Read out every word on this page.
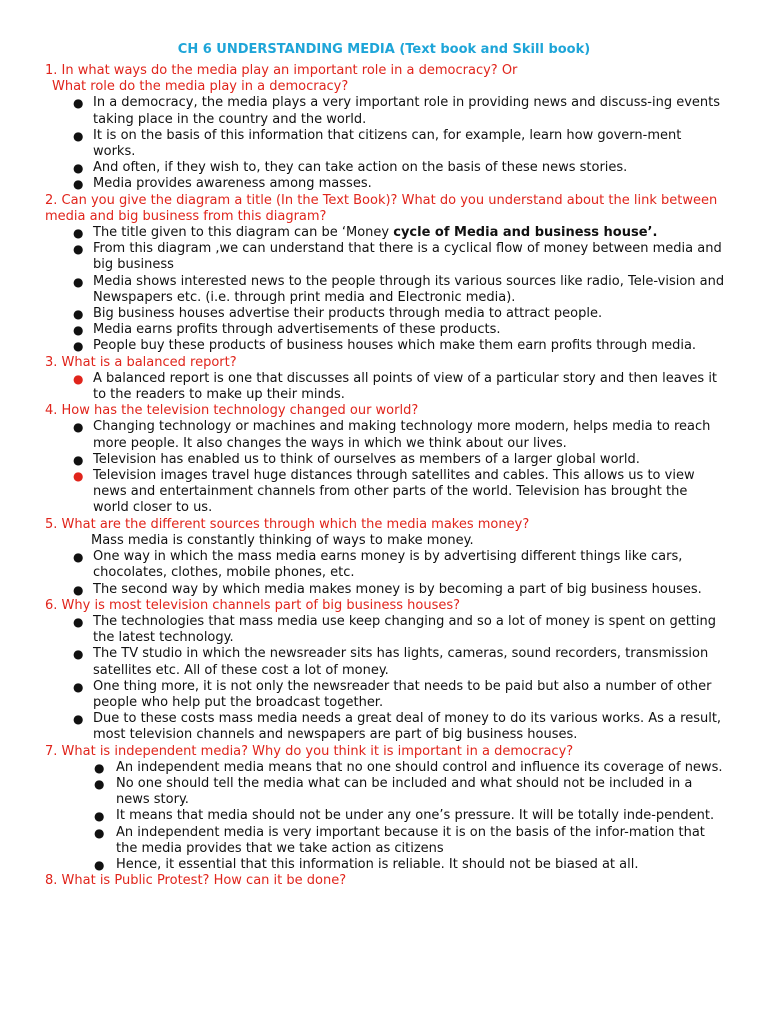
CH 6 UNDERSTANDING MEDIA (Text book and Skill book)

1. In what ways do the media play an important role in a democracy? Or
What role do the media play in a democracy?

● In a democracy, the media plays a very important role in providing news and discuss-ing events taking place in the country and the world.
● It is on the basis of this information that citizens can, for example, learn how govern-ment works.
● And often, if they wish to, they can take action on the basis of these news stories.
● Media provides awareness among masses.

2. Can you give the diagram a title (In the Text Book)? What do you understand about the link between media and big business from this diagram?

● The title given to this diagram can be ‘Money cycle of Media and business house’.
● From this diagram ,we can understand that there is a cyclical flow of money between media and big business
● Media shows interested news to the people through its various sources like radio, Tele-vision and Newspapers etc. (i.e. through print media and Electronic media).
● Big business houses advertise their products through media to attract people.
● Media earns profits through advertisements of these products.
● People buy these products of business houses which make them earn profits through media.

3. What is a balanced report?

● A balanced report is one that discusses all points of view of a particular story and then leaves it to the readers to make up their minds.

4. How has the television technology changed our world?

● Changing technology or machines and making technology more modern, helps media to reach more people. It also changes the ways in which we think about our lives.
● Television has enabled us to think of ourselves as members of a larger global world.
● Television images travel huge distances through satellites and cables. This allows us to view news and entertainment channels from other parts of the world. Television has brought the world closer to us.

5. What are the different sources through which the media makes money?

Mass media is constantly thinking of ways to make money.

● One way in which the mass media earns money is by advertising different things like cars, chocolates, clothes, mobile phones, etc.
● The second way by which media makes money is by becoming a part of big business houses.

6. Why is most television channels part of big business houses?

● The technologies that mass media use keep changing and so a lot of money is spent on getting the latest technology.
● The TV studio in which the newsreader sits has lights, cameras, sound recorders, transmission satellites etc. All of these cost a lot of money.
● One thing more, it is not only the newsreader that needs to be paid but also a number of other people who help put the broadcast together.
● Due to these costs mass media needs a great deal of money to do its various works. As a result, most television channels and newspapers are part of big business houses.

7. What is independent media? Why do you think it is important in a democracy?

● An independent media means that no one should control and influence its coverage of news.
● No one should tell the media what can be included and what should not be included in a news story.
● It means that media should not be under any one’s pressure. It will be totally inde-pendent.
● An independent media is very important because it is on the basis of the infor-mation that the media provides that we take action as citizens
● Hence, it essential that this information is reliable. It should not be biased at all.

8. What is Public Protest? How can it be done?
